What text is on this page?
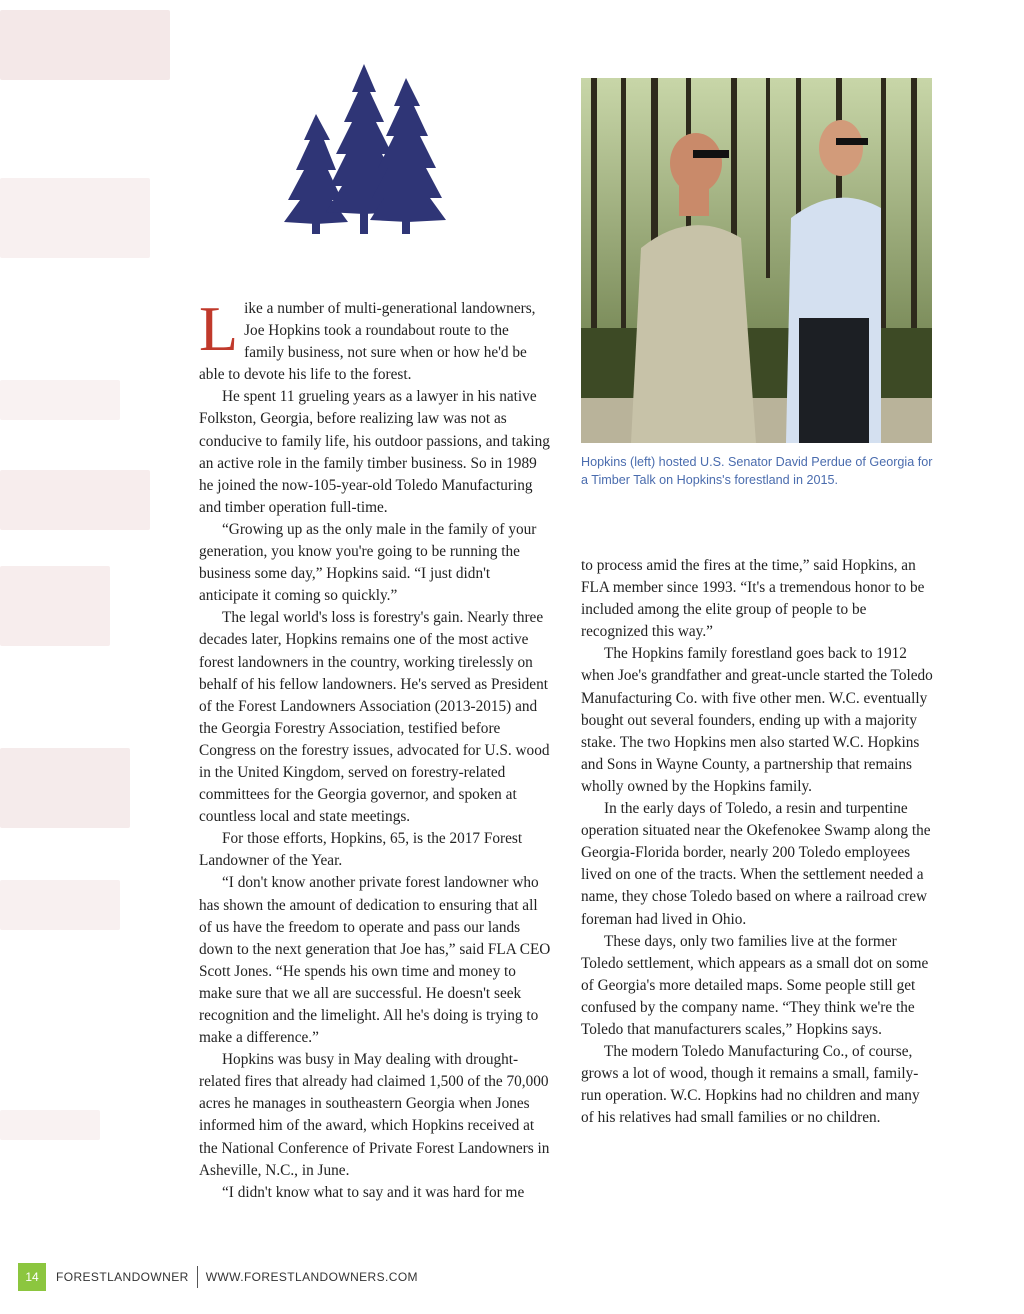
Hopkins (left) hosted U.S. Senator David Perdue of Georgia for a Timber Talk on Hopkins's forestland in 2015.

Like a number of multi-generational landowners, Joe Hopkins took a roundabout route to the family business, not sure when or how he'd be able to devote his life to the forest.

He spent 11 grueling years as a lawyer in his native Folkston, Georgia, before realizing law was not as conducive to family life, his outdoor passions, and taking an active role in the family timber business. So in 1989 he joined the now-105-year-old Toledo Manufacturing and timber operation full-time.

“Growing up as the only male in the family of your generation, you know you're going to be running the business some day,” Hopkins said. “I just didn't anticipate it coming so quickly.”

The legal world's loss is forestry's gain. Nearly three decades later, Hopkins remains one of the most active forest landowners in the country, working tirelessly on behalf of his fellow landowners. He's served as President of the Forest Landowners Association (2013-2015) and the Georgia Forestry Association, testified before Congress on the forestry issues, advocated for U.S. wood in the United Kingdom, served on forestry-related committees for the Georgia governor, and spoken at countless local and state meetings.

For those efforts, Hopkins, 65, is the 2017 Forest Landowner of the Year.

“I don't know another private forest landowner who has shown the amount of dedication to ensuring that all of us have the freedom to operate and pass our lands down to the next generation that Joe has,” said FLA CEO Scott Jones. “He spends his own time and money to make sure that we all are successful. He doesn't seek recognition and the limelight. All he's doing is trying to make a difference.”

Hopkins was busy in May dealing with drought-related fires that already had claimed 1,500 of the 70,000 acres he manages in southeastern Georgia when Jones informed him of the award, which Hopkins received at the National Conference of Private Forest Landowners in Asheville, N.C., in June.

“I didn't know what to say and it was hard for me

to process amid the fires at the time,” said Hopkins, an FLA member since 1993. “It's a tremendous honor to be included among the elite group of people to be recognized this way.”

The Hopkins family forestland goes back to 1912 when Joe's grandfather and great-uncle started the Toledo Manufacturing Co. with five other men. W.C. eventually bought out several founders, ending up with a majority stake. The two Hopkins men also started W.C. Hopkins and Sons in Wayne County, a partnership that remains wholly owned by the Hopkins family.

In the early days of Toledo, a resin and turpentine operation situated near the Okefenokee Swamp along the Georgia-Florida border, nearly 200 Toledo employees lived on one of the tracts. When the settlement needed a name, they chose Toledo based on where a railroad crew foreman had lived in Ohio.

These days, only two families live at the former Toledo settlement, which appears as a small dot on some of Georgia's more detailed maps. Some people still get confused by the company name. “They think we're the Toledo that manufacturers scales,” Hopkins says.

The modern Toledo Manufacturing Co., of course, grows a lot of wood, though it remains a small, family-run operation. W.C. Hopkins had no children and many of his relatives had small families or no children.

14	FORESTLANDOWNER WWW.FORESTLANDOWNERS.COM
